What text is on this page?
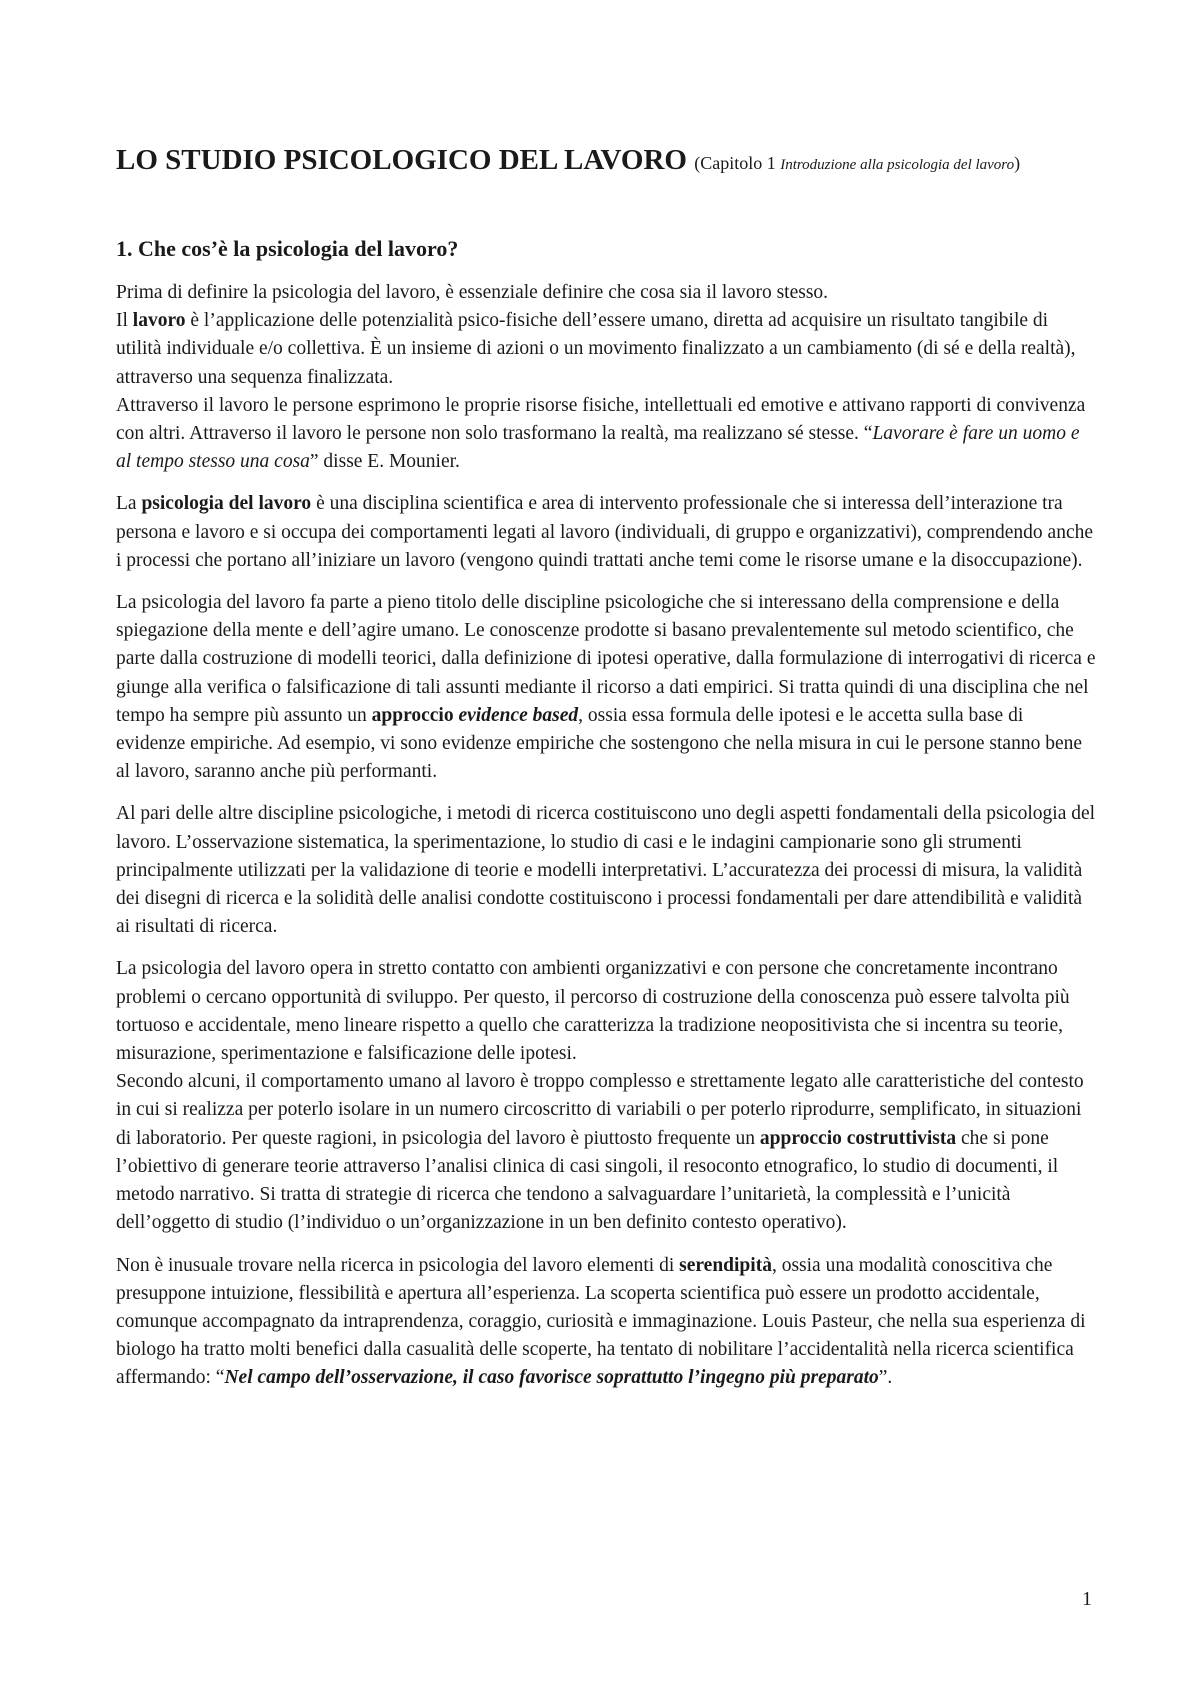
LO STUDIO PSICOLOGICO DEL LAVORO (Capitolo 1 Introduzione alla psicologia del lavoro)
1. Che cos’è la psicologia del lavoro?

Prima di definire la psicologia del lavoro, è essenziale definire che cosa sia il lavoro stesso.

Il lavoro è l’applicazione delle potenzialità psico-fisiche dell’essere umano, diretta ad acquisire un risultato tangibile di utilità individuale e/o collettiva. È un insieme di azioni o un movimento finalizzato a un cambiamento (di sé e della realtà), attraverso una sequenza finalizzata.

Attraverso il lavoro le persone esprimono le proprie risorse fisiche, intellettuali ed emotive e attivano rapporti di convivenza con altri. Attraverso il lavoro le persone non solo trasformano la realtà, ma realizzano sé stesse. “Lavorare è fare un uomo e al tempo stesso una cosa” disse E. Mounier.

La psicologia del lavoro è una disciplina scientifica e area di intervento professionale che si interessa dell’interazione tra persona e lavoro e si occupa dei comportamenti legati al lavoro (individuali, di gruppo e organizzativi), comprendendo anche i processi che portano all’iniziare un lavoro (vengono quindi trattati anche temi come le risorse umane e la disoccupazione).

La psicologia del lavoro fa parte a pieno titolo delle discipline psicologiche che si interessano della comprensione e della spiegazione della mente e dell’agire umano. Le conoscenze prodotte si basano prevalentemente sul metodo scientifico, che parte dalla costruzione di modelli teorici, dalla definizione di ipotesi operative, dalla formulazione di interrogativi di ricerca e giunge alla verifica o falsificazione di tali assunti mediante il ricorso a dati empirici. Si tratta quindi di una disciplina che nel tempo ha sempre più assunto un approccio evidence based, ossia essa formula delle ipotesi e le accetta sulla base di evidenze empiriche. Ad esempio, vi sono evidenze empiriche che sostengono che nella misura in cui le persone stanno bene al lavoro, saranno anche più performanti.

Al pari delle altre discipline psicologiche, i metodi di ricerca costituiscono uno degli aspetti fondamentali della psicologia del lavoro. L’osservazione sistematica, la sperimentazione, lo studio di casi e le indagini campionarie sono gli strumenti principalmente utilizzati per la validazione di teorie e modelli interpretativi. L’accuratezza dei processi di misura, la validità dei disegni di ricerca e la solidità delle analisi condotte costituiscono i processi fondamentali per dare attendibilità e validità ai risultati di ricerca.

La psicologia del lavoro opera in stretto contatto con ambienti organizzativi e con persone che concretamente incontrano problemi o cercano opportunità di sviluppo. Per questo, il percorso di costruzione della conoscenza può essere talvolta più tortuoso e accidentale, meno lineare rispetto a quello che caratterizza la tradizione neopositivista che si incentra su teorie, misurazione, sperimentazione e falsificazione delle ipotesi.

Secondo alcuni, il comportamento umano al lavoro è troppo complesso e strettamente legato alle caratteristiche del contesto in cui si realizza per poterlo isolare in un numero circoscritto di variabili o per poterlo riprodurre, semplificato, in situazioni di laboratorio. Per queste ragioni, in psicologia del lavoro è piuttosto frequente un approccio costruttivista che si pone l’obiettivo di generare teorie attraverso l’analisi clinica di casi singoli, il resoconto etnografico, lo studio di documenti, il metodo narrativo. Si tratta di strategie di ricerca che tendono a salvaguardare l’unitarietà, la complessità e l’unicità dell’oggetto di studio (l’individuo o un’organizzazione in un ben definito contesto operativo).

Non è inusuale trovare nella ricerca in psicologia del lavoro elementi di serendipità, ossia una modalità conoscitiva che presuppone intuizione, flessibilità e apertura all’esperienza. La scoperta scientifica può essere un prodotto accidentale, comunque accompagnato da intraprendenza, coraggio, curiosità e immaginazione. Louis Pasteur, che nella sua esperienza di biologo ha tratto molti benefici dalla casualità delle scoperte, ha tentato di nobilitare l’accidentalità nella ricerca scientifica affermando: “Nel campo dell’osservazione, il caso favorisce soprattutto l’ingegno più preparato”.

1
